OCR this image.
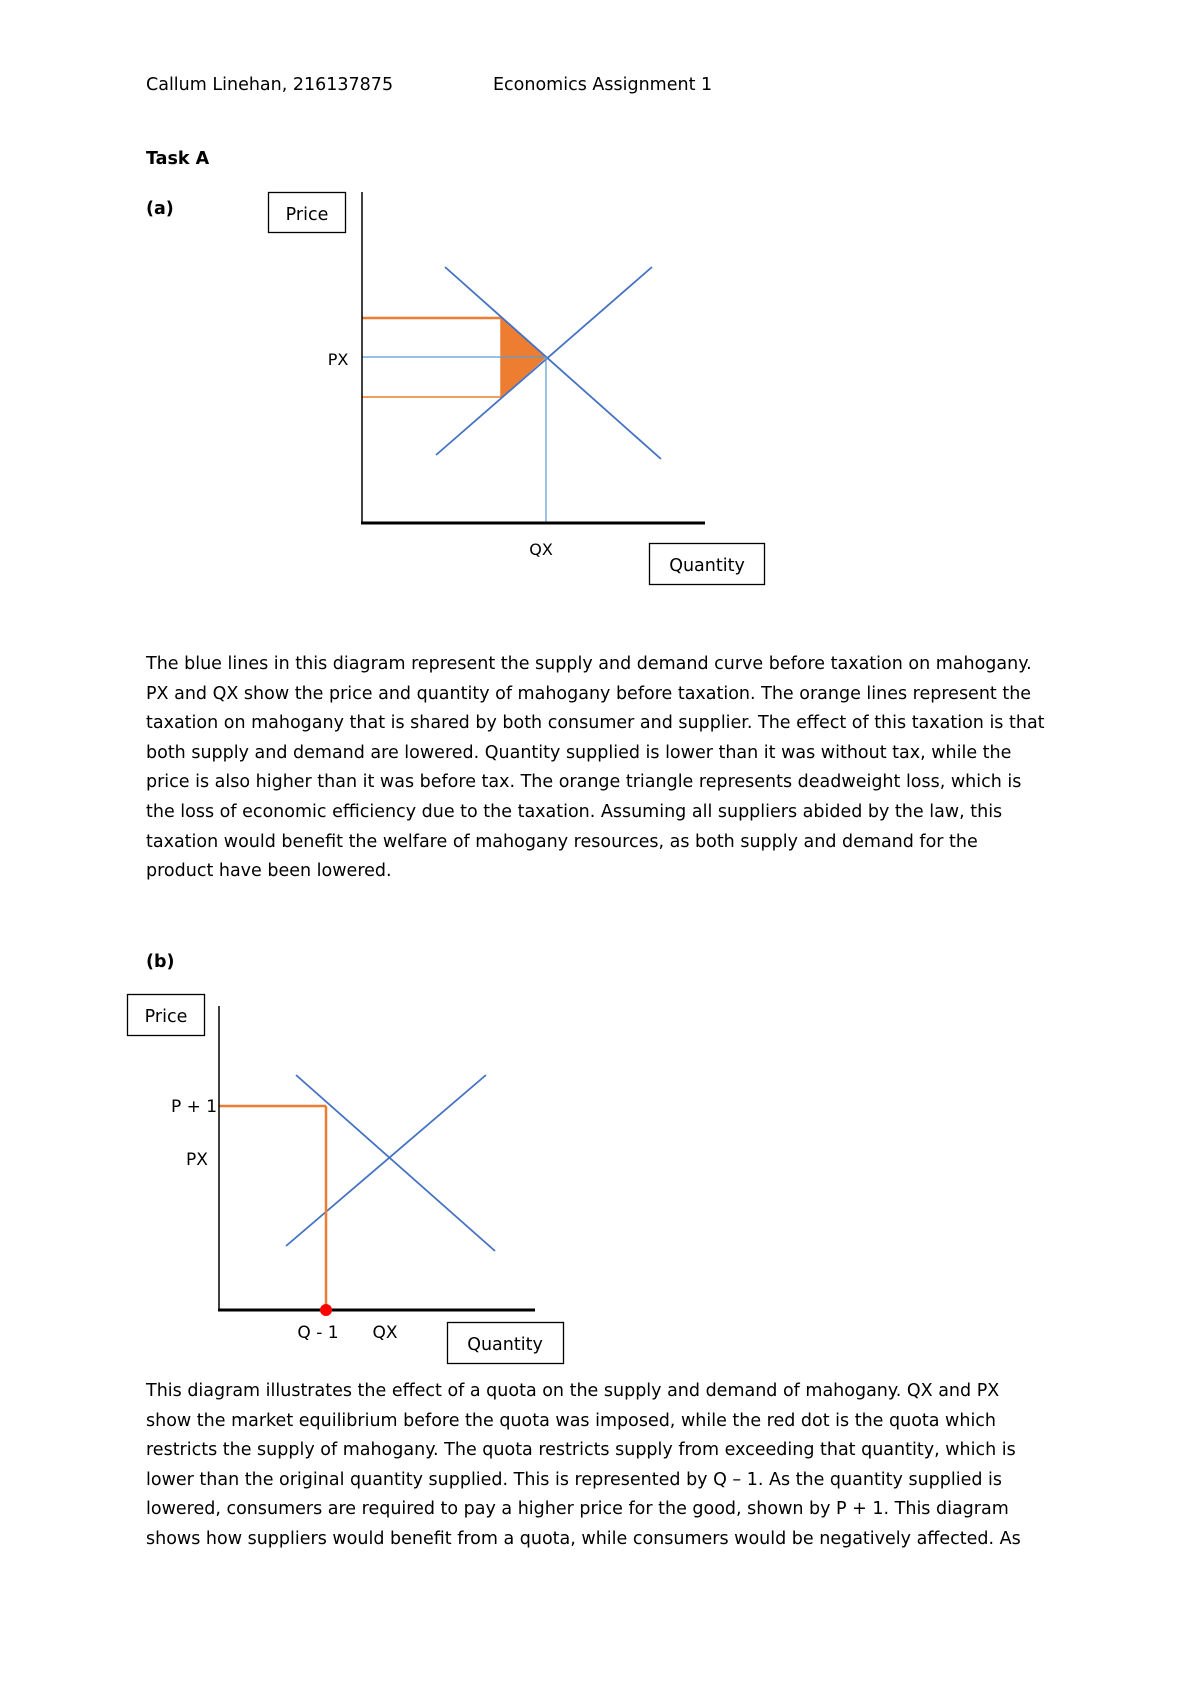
Callum Linehan, 216137875	Economics Assignment 1
Task A
(a)	Price
PX
QX
Quantity
The blue lines in this diagram represent the supply and demand curve before taxation on mahogany.
PX and QX show the price and quantity of mahogany before taxation. The orange lines represent the
taxation on mahogany that is shared by both consumer and supplier. The effect of this taxation is that
both supply and demand are lowered. Quantity supplied is lower than it was without tax, while the
price is also higher than it was before tax. The orange triangle represents deadweight loss, which is
the loss of economic efficiency due to the taxation. Assuming all suppliers abided by the law, this
taxation would benefit the welfare of mahogany resources, as both supply and demand for the
product have been lowered.
(b)
Price
P + 1
PX
Q - 1 QX
Quantity
This diagram illustrates the effect of a quota on the supply and demand of mahogany. QX and PX
show the market equilibrium before the quota was imposed, while the red dot is the quota which
restricts the supply of mahogany. The quota restricts supply from exceeding that quantity, which is
lower than the original quantity supplied. This is represented by Q – 1. As the quantity supplied is
lowered, consumers are required to pay a higher price for the good, shown by P + 1. This diagram
shows how suppliers would benefit from a quota, while consumers would be negatively affected. As
